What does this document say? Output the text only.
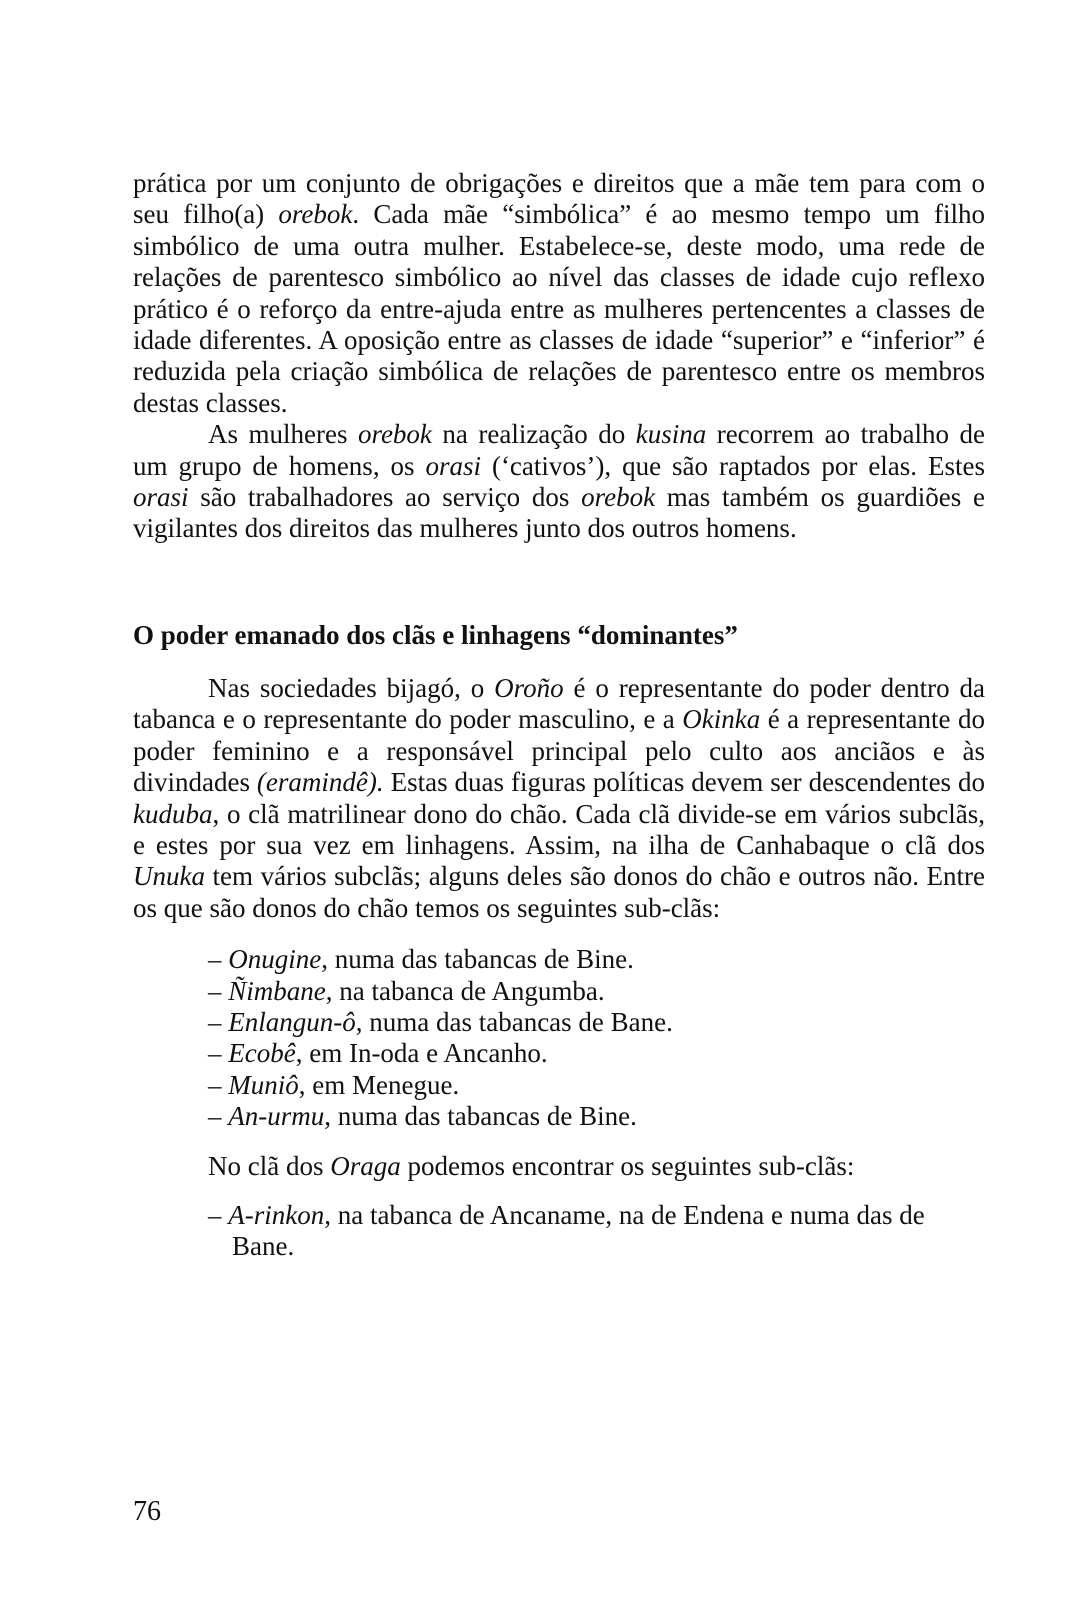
prática por um conjunto de obrigações e direitos que a mãe tem para com o seu filho(a) orebok. Cada mãe “simbólica” é ao mesmo tempo um filho simbólico de uma outra mulher. Estabelece-se, deste modo, uma rede de relações de parentesco simbólico ao nível das classes de idade cujo reflexo prático é o reforço da entre-ajuda entre as mulheres pertencentes a classes de idade diferentes. A oposição entre as classes de idade “superior” e “inferior” é reduzida pela criação simbólica de relações de parentesco entre os membros destas classes.

As mulheres orebok na realização do kusina recorrem ao trabalho de um grupo de homens, os orasi (‘cativos’), que são raptados por elas. Estes orasi são trabalhadores ao serviço dos orebok mas também os guardiões e vigilantes dos direitos das mulheres junto dos outros homens.

O poder emanado dos clãs e linhagens “dominantes”

Nas sociedades bijagó, o Oroño é o representante do poder dentro da tabanca e o representante do poder masculino, e a Okinka é a representante do poder feminino e a responsável principal pelo culto aos anciãos e às divindades (eramindê). Estas duas figuras políticas devem ser descendentes do kuduba, o clã matrilinear dono do chão. Cada clã divide-se em vários subclãs, e estes por sua vez em linhagens. Assim, na ilha de Canhabaque o clã dos Unuka tem vários subclãs; alguns deles são donos do chão e outros não. Entre os que são donos do chão temos os seguintes sub-clãs:

– Onugine, numa das tabancas de Bine.
– Ñimbane, na tabanca de Angumba.
– Enlangun-ô, numa das tabancas de Bane.
– Ecobê, em In-oda e Ancanho.
– Muniô, em Menegue.
– An-urmu, numa das tabancas de Bine.

No clã dos Oraga podemos encontrar os seguintes sub-clãs:

– A-rinkon, na tabanca de Ancaname, na de Endena e numa das de Bane.
76
